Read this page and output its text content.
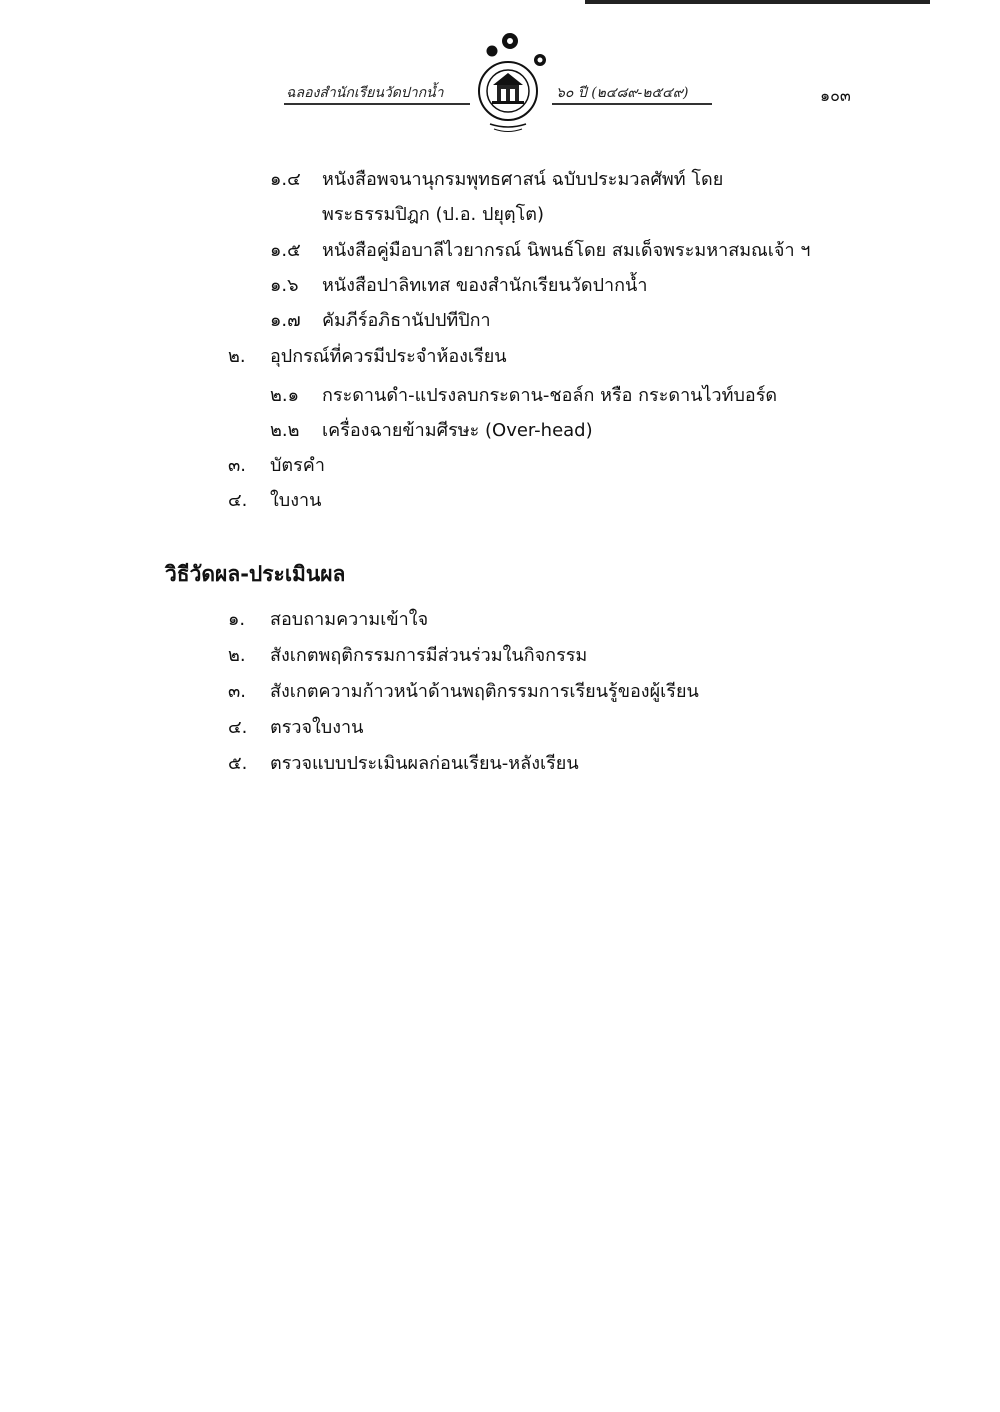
ฉลองสำนักเรียนวัดปากน้ำ	๖๐ ปี (๒๔๘๙-๒๕๔๙)	๑๐๓
๑.๔ หนังสือพจนานุกรมพุทธศาสน์ ฉบับประมวลศัพท์ โดย
พระธรรมปิฎก (ป.อ. ปยุตฺโต)
๑.๕ หนังสือคู่มือบาลีไวยากรณ์ นิพนธ์โดย สมเด็จพระมหาสมณเจ้า ฯ
๑.๖ หนังสือปาลิทเทส ของสำนักเรียนวัดปากน้ำ
๑.๗ คัมภีร์อภิธานัปปทีปิกา
๒. อุปกรณ์ที่ควรมีประจำห้องเรียน
๒.๑ กระดานดำ-แปรงลบกระดาน-ชอล์ก หรือ กระดานไวท์บอร์ด
๒.๒ เครื่องฉายข้ามศีรษะ (Over-head)
๓. บัตรคำ
๔. ใบงาน
วิธีวัดผล-ประเมินผล
๑. สอบถามความเข้าใจ
๒. สังเกตพฤติกรรมการมีส่วนร่วมในกิจกรรม
๓. สังเกตความก้าวหน้าด้านพฤติกรรมการเรียนรู้ของผู้เรียน
๔. ตรวจใบงาน
๕. ตรวจแบบประเมินผลก่อนเรียน-หลังเรียน
